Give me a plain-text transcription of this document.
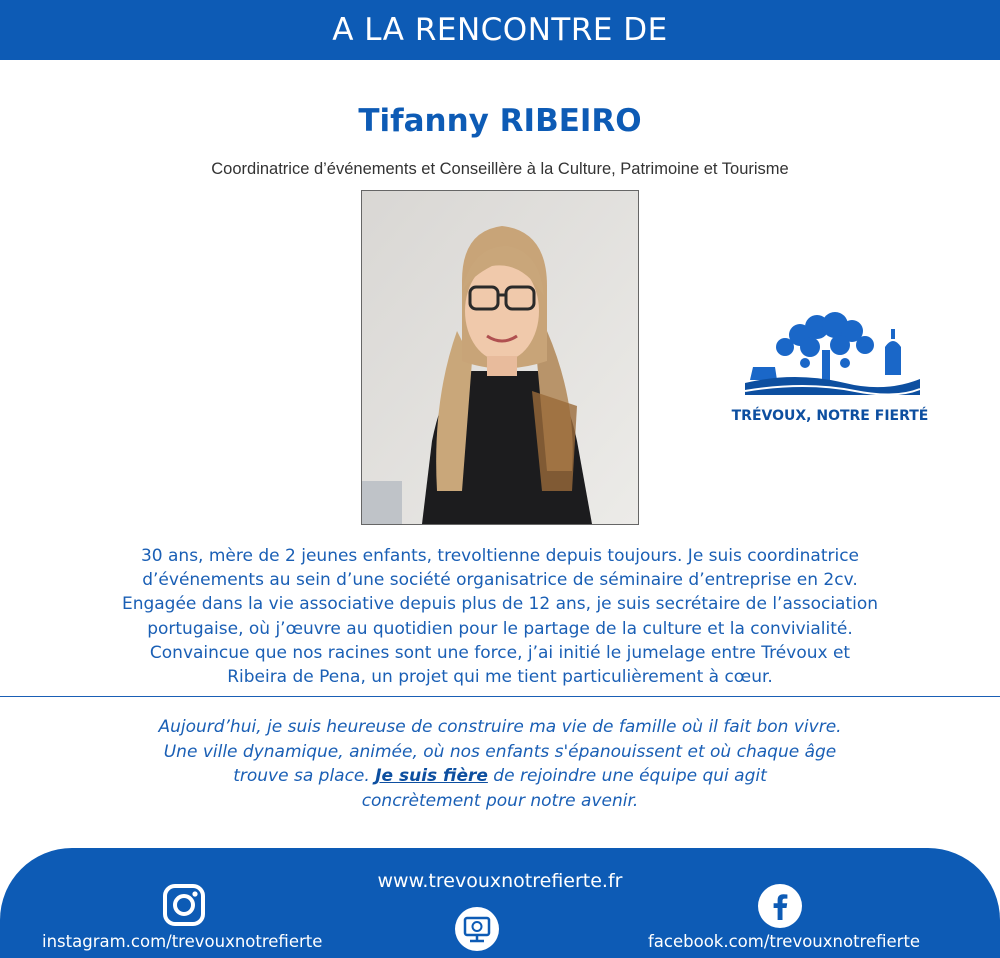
A LA RENCONTRE DE
Tifanny RIBEIRO
Coordinatrice d’événements et Conseillère à la Culture, Patrimoine et Tourisme
TRÉVOUX, NOTRE FIERTÉ
30 ans, mère de 2 jeunes enfants, trevoltienne depuis toujours. Je suis coordinatrice
d’événements au sein d’une société organisatrice de séminaire d’entreprise en 2cv.
Engagée dans la vie associative depuis plus de 12 ans, je suis secrétaire de l’association
portugaise, où j’œuvre au quotidien pour le partage de la culture et la convivialité.
Convaincue que nos racines sont une force, j’ai initié le jumelage entre Trévoux et
Ribeira de Pena, un projet qui me tient particulièrement à cœur.
Aujourd’hui, je suis heureuse de construire ma vie de famille où il fait bon vivre.
Une ville dynamique, animée, où nos enfants s'épanouissent et où chaque âge
trouve sa place. Je suis fière de rejoindre une équipe qui agit
concrètement pour notre avenir.
www.trevouxnotrefierte.fr
instagram.com/trevouxnotrefierte	facebook.com/trevouxnotrefierte
